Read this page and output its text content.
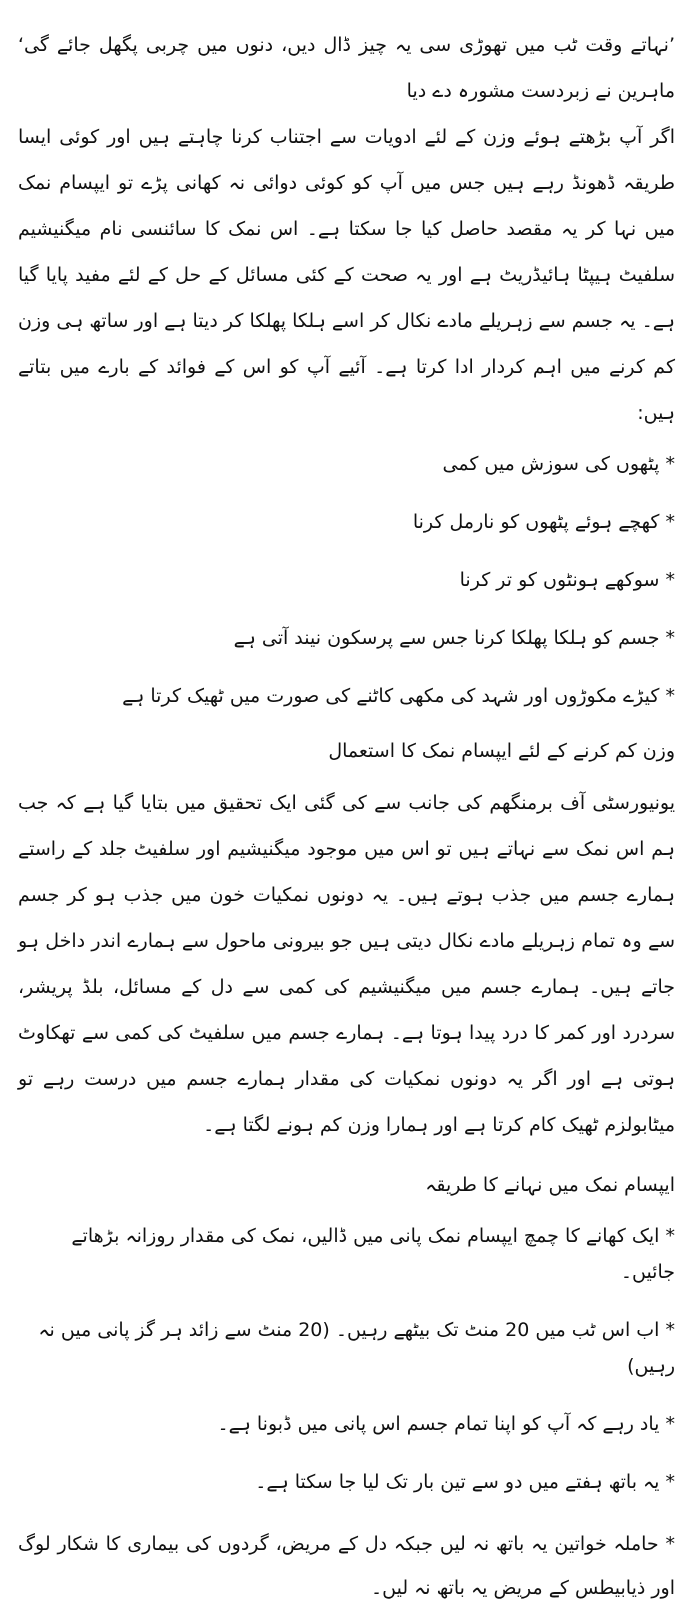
’نہاتے وقت ٹب میں تھوڑی سی یہ چیز ڈال دیں، دنوں میں چربی پگھل جائے گی‘ ماہرین نے زبردست مشورہ دے دیا

اگر آپ بڑھتے ہوئے وزن کے لئے ادویات سے اجتناب کرنا چاہتے ہیں اور کوئی ایسا طریقہ ڈھونڈ رہے ہیں جس میں آپ کو کوئی دوائی نہ کھانی پڑے تو ایپسام نمک میں نہا کر یہ مقصد حاصل کیا جا سکتا ہے۔ اس نمک کا سائنسی نام میگنیشیم سلفیٹ ہیپٹا ہائیڈریٹ ہے اور یہ صحت کے کئی مسائل کے حل کے لئے مفید پایا گیا ہے۔ یہ جسم سے زہریلے مادے نکال کر اسے ہلکا پھلکا کر دیتا ہے اور ساتھ ہی وزن کم کرنے میں اہم کردار ادا کرتا ہے۔ آئیے آپ کو اس کے فوائد کے بارے میں بتاتے ہیں:

* پٹھوں کی سوزش میں کمی

* کھچے ہوئے پٹھوں کو نارمل کرنا

* سوکھے ہونٹوں کو تر کرنا

* جسم کو ہلکا پھلکا کرنا جس سے پرسکون نیند آتی ہے

* کیڑے مکوڑوں اور شہد کی مکھی کاٹنے کی صورت میں ٹھیک کرتا ہے

وزن کم کرنے کے لئے ایپسام نمک کا استعمال

یونیورسٹی آف برمنگھم کی جانب سے کی گئی ایک تحقیق میں بتایا گیا ہے کہ جب ہم اس نمک سے نہاتے ہیں تو اس میں موجود میگنیشیم اور سلفیٹ جلد کے راستے ہمارے جسم میں جذب ہوتے ہیں۔ یہ دونوں نمکیات خون میں جذب ہو کر جسم سے وہ تمام زہریلے مادے نکال دیتی ہیں جو بیرونی ماحول سے ہمارے اندر داخل ہو جاتے ہیں۔ ہمارے جسم میں میگنیشیم کی کمی سے دل کے مسائل، بلڈ پریشر، سردرد اور کمر کا درد پیدا ہوتا ہے۔ ہمارے جسم میں سلفیٹ کی کمی سے تھکاوٹ ہوتی ہے اور اگر یہ دونوں نمکیات کی مقدار ہمارے جسم میں درست رہے تو میٹابولزم ٹھیک کام کرتا ہے اور ہمارا وزن کم ہونے لگتا ہے۔

ایپسام نمک میں نہانے کا طریقہ

* ایک کھانے کا چمچ ایپسام نمک پانی میں ڈالیں، نمک کی مقدار روزانہ بڑھاتے جائیں۔

* اب اس ٹب میں 20 منٹ تک بیٹھے رہیں۔ (20 منٹ سے زائد ہر گز پانی میں نہ رہیں)

* یاد رہے کہ آپ کو اپنا تمام جسم اس پانی میں ڈبونا ہے۔

* یہ باتھ ہفتے میں دو سے تین بار تک لیا جا سکتا ہے۔

* حاملہ خواتین یہ باتھ نہ لیں جبکہ دل کے مریض، گردوں کی بیماری کا شکار لوگ اور ذیابیطس کے مریض یہ باتھ نہ لیں۔
